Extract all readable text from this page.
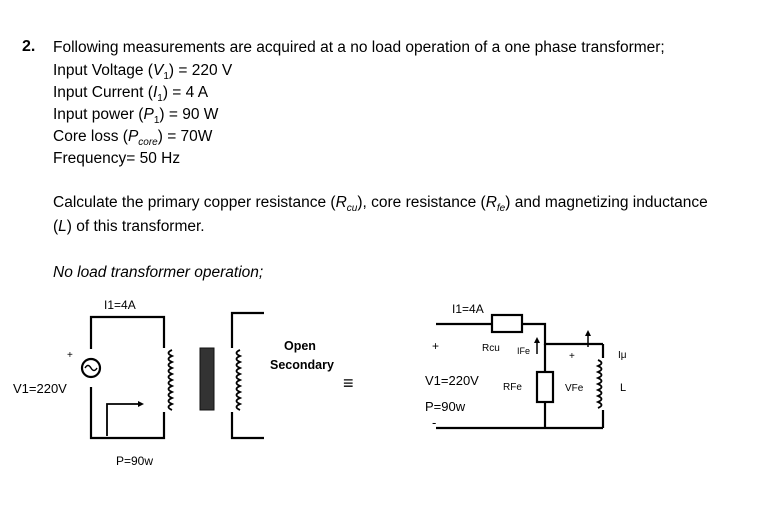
2. Following measurements are acquired at a no load operation of a one phase transformer;
Input Voltage $(V_1) = 220$ V
Input Current $(I_1) = 4$ A
Input power $(P_1) = 90$ W
Core loss $(P_{core}) = 70W$
Frequency= 50 Hz
Calculate the primary copper resistance $(R_{cu})$, core resistance $(R_{fe})$ and magnetizing inductance
(L) of this transformer.
No load transformer operation;
I1=4A
+
V1=220V
P=90w
Open
Secondary
≡
I1=4A
+	Rcu IFe	+	Iμ
V1=220V RFe	VFe	L
P=90w
-
